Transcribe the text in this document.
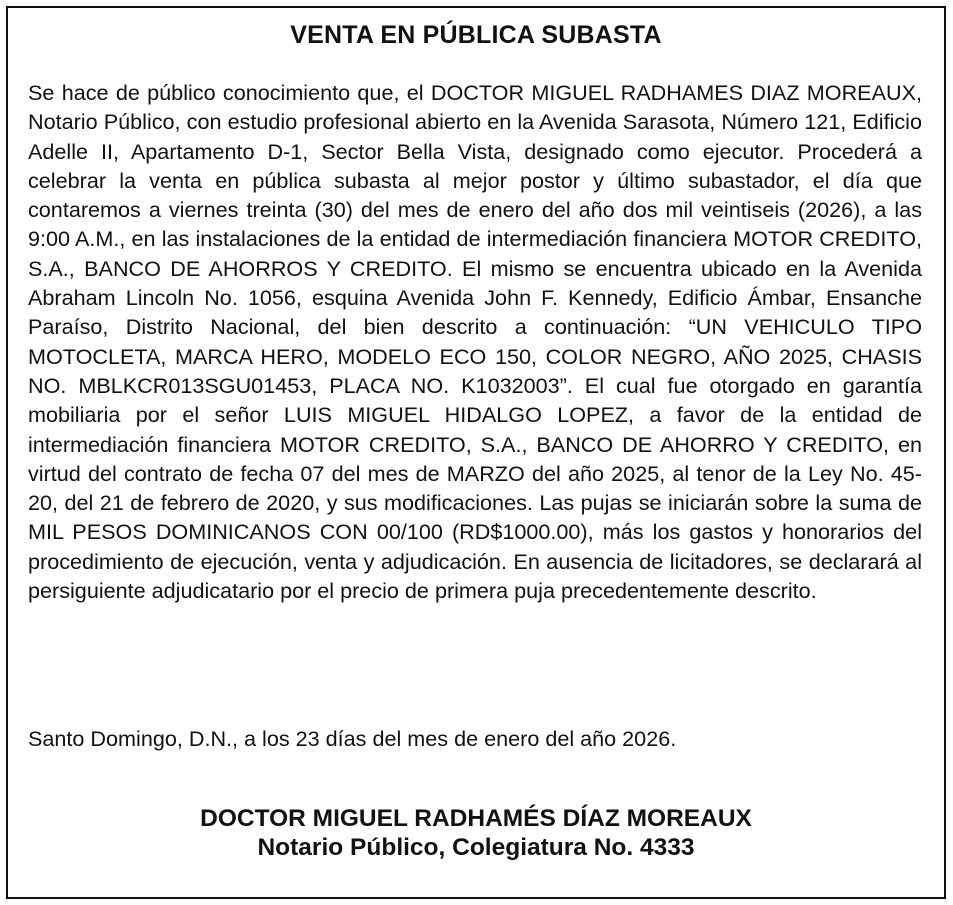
VENTA EN PÚBLICA SUBASTA

Se hace de público conocimiento que, el DOCTOR MIGUEL RADHAMES DIAZ MOREAUX, Notario Público, con estudio profesional abierto en la Avenida Sarasota, Número 121, Edificio Adelle II, Apartamento D-1, Sector Bella Vista, designado como ejecutor. Procederá a celebrar la venta en pública subasta al mejor postor y último subastador, el día que contaremos a viernes treinta (30) del mes de enero del año dos mil veintiseis (2026), a las 9:00 A.M., en las instalaciones de la entidad de intermediación financiera MOTOR CREDITO, S.A., BANCO DE AHORROS Y CREDITO. El mismo se encuentra ubicado en la Avenida Abraham Lincoln No. 1056, esquina Avenida John F. Kennedy, Edificio Ámbar, Ensanche Paraíso, Distrito Nacional, del bien descrito a continuación: “UN VEHICULO TIPO MOTOCLETA, MARCA HERO, MODELO ECO 150, COLOR NEGRO, AÑO 2025, CHASIS NO. MBLKCR013SGU01453, PLACA NO. K1032003”. El cual fue otorgado en garantía mobiliaria por el señor LUIS MIGUEL HIDALGO LOPEZ, a favor de la entidad de intermediación financiera MOTOR CREDITO, S.A., BANCO DE AHORRO Y CREDITO, en virtud del contrato de fecha 07 del mes de MARZO del año 2025, al tenor de la Ley No. 45-20, del 21 de febrero de 2020, y sus modificaciones. Las pujas se iniciarán sobre la suma de MIL PESOS DOMINICANOS CON 00/100 (RD$1000.00), más los gastos y honorarios del procedimiento de ejecución, venta y adjudicación. En ausencia de licitadores, se declarará al persiguiente adjudicatario por el precio de primera puja precedentemente descrito.

Santo Domingo, D.N., a los 23 días del mes de enero del año 2026.

DOCTOR MIGUEL RADHAMÉS DÍAZ MOREAUX
Notario Público, Colegiatura No. 4333
